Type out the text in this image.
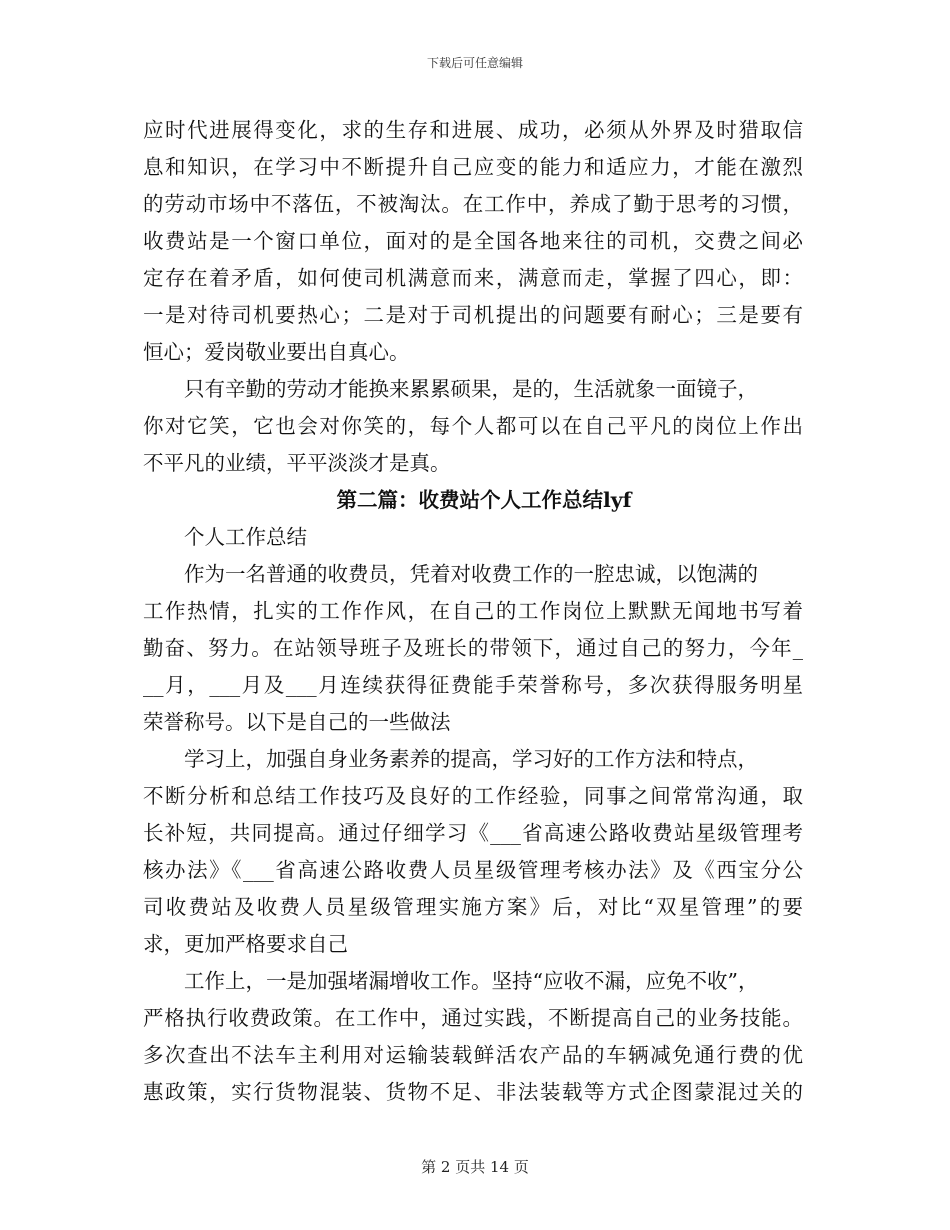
下载后可任意编辑
应时代进展得变化，求的生存和进展、成功，必须从外界及时猎取信
息和知识，在学习中不断提升自己应变的能力和适应力，才能在激烈
的劳动市场中不落伍，不被淘汰。在工作中，养成了勤于思考的习惯，
收费站是一个窗口单位，面对的是全国各地来往的司机，交费之间必
定存在着矛盾，如何使司机满意而来，满意而走，掌握了四心，即：
一是对待司机要热心；二是对于司机提出的问题要有耐心；三是要有
恒心；爱岗敬业要出自真心。
只有辛勤的劳动才能换来累累硕果，是的，生活就象一面镜子，
你对它笑，它也会对你笑的，每个人都可以在自己平凡的岗位上作出
不平凡的业绩，平平淡淡才是真。
第二篇：收费站个人工作总结lyf
个人工作总结
作为一名普通的收费员，凭着对收费工作的一腔忠诚，以饱满的
工作热情，扎实的工作作风，在自己的工作岗位上默默无闻地书写着
勤奋、努力。在站领导班子及班长的带领下，通过自己的努力，今年_
__月，___月及___月连续获得征费能手荣誉称号，多次获得服务明星
荣誉称号。以下是自己的一些做法
学习上，加强自身业务素养的提高，学习好的工作方法和特点，
不断分析和总结工作技巧及良好的工作经验，同事之间常常沟通，取
长补短，共同提高。通过仔细学习《___省高速公路收费站星级管理考
核办法》《___省高速公路收费人员星级管理考核办法》及《西宝分公
司收费站及收费人员星级管理实施方案》后，对比“双星管理”的要
求，更加严格要求自己
工作上，一是加强堵漏增收工作。坚持“应收不漏，应免不收”，
严格执行收费政策。在工作中，通过实践，不断提高自己的业务技能。
多次查出不法车主利用对运输装载鲜活农产品的车辆减免通行费的优
惠政策，实行货物混装、货物不足、非法装载等方式企图蒙混过关的
第 2 页共 14 页
